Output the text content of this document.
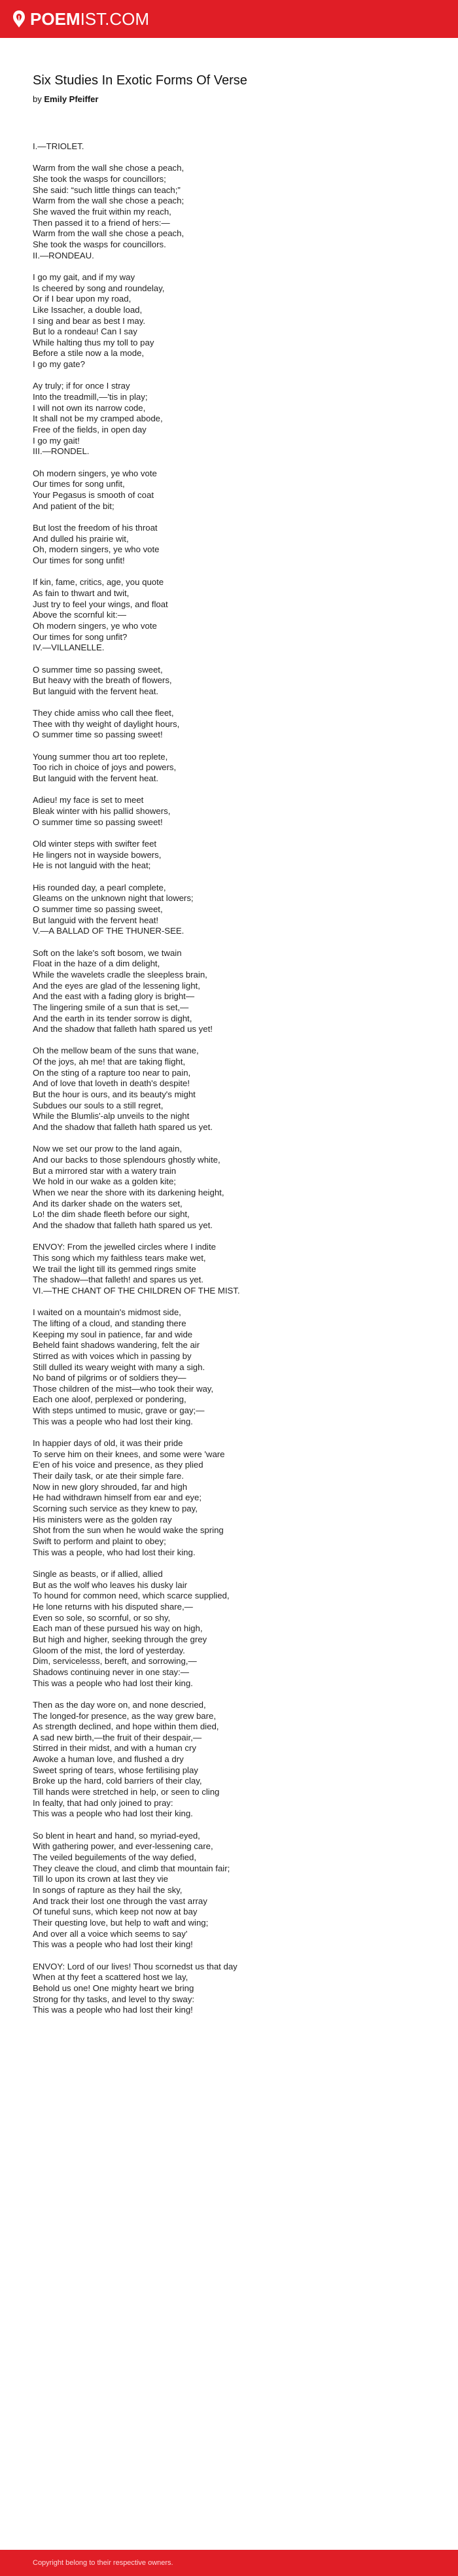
POEMIST.COM
Six Studies In Exotic Forms Of Verse
by Emily Pfeiffer
I.—TRIOLET.

Warm from the wall she chose a peach,
She took the wasps for councillors;
She said: “such little things can teach;”
Warm from the wall she chose a peach;
She waved the fruit within my reach,
Then passed it to a friend of hers:—
Warm from the wall she chose a peach,
She took the wasps for councillors.
II.—RONDEAU.

I go my gait, and if my way
Is cheered by song and roundelay,
Or if I bear upon my road,
Like Issacher, a double load,
I sing and bear as best I may.
But lo a rondeau! Can I say
While halting thus my toll to pay
Before a stile now a la mode,
I go my gate?

Ay truly; if for once I stray
Into the treadmill,—'tis in play;
I will not own its narrow code,
It shall not be my cramped abode,
Free of the fields, in open day
I go my gait!
III.—RONDEL.

Oh modern singers, ye who vote
Our times for song unfit,
Your Pegasus is smooth of coat
And patient of the bit;

But lost the freedom of his throat
And dulled his prairie wit,
Oh, modern singers, ye who vote
Our times for song unfit!

If kin, fame, critics, age, you quote
As fain to thwart and twit,
Just try to feel your wings, and float
Above the scornful kit:—
Oh modern singers, ye who vote
Our times for song unfit?
IV.—VILLANELLE.

O summer time so passing sweet,
But heavy with the breath of flowers,
But languid with the fervent heat.

They chide amiss who call thee fleet,
Thee with thy weight of daylight hours,
O summer time so passing sweet!

Young summer thou art too replete,
Too rich in choice of joys and powers,
But languid with the fervent heat.

Adieu! my face is set to meet
Bleak winter with his pallid showers,
O summer time so passing sweet!

Old winter steps with swifter feet
He lingers not in wayside bowers,
He is not languid with the heat;

His rounded day, a pearl complete,
Gleams on the unknown night that lowers;
O summer time so passing sweet,
But languid with the fervent heat!
V.—A BALLAD OF THE THUNER-SEE.

Soft on the lake's soft bosom, we twain
Float in the haze of a dim delight,
While the wavelets cradle the sleepless brain,
And the eyes are glad of the lessening light,
And the east with a fading glory is bright—
The lingering smile of a sun that is set,—
And the earth in its tender sorrow is dight,
And the shadow that falleth hath spared us yet!

Oh the mellow beam of the suns that wane,
Of the joys, ah me! that are taking flight,
On the sting of a rapture too near to pain,
And of love that loveth in death's despite!
But the hour is ours, and its beauty's might
Subdues our souls to a still regret,
While the Blumlis'-alp unveils to the night
And the shadow that falleth hath spared us yet.

Now we set our prow to the land again,
And our backs to those splendours ghostly white,
But a mirrored star with a watery train
We hold in our wake as a golden kite;
When we near the shore with its darkening height,
And its darker shade on the waters set,
Lo! the dim shade fleeth before our sight,
And the shadow that falleth hath spared us yet.

ENVOY: From the jewelled circles where I indite
This song which my faithless tears make wet,
We trail the light till its gemmed rings smite
The shadow—that falleth! and spares us yet.
VI.—THE CHANT OF THE CHILDREN OF THE MIST.

I waited on a mountain's midmost side,
The lifting of a cloud, and standing there
Keeping my soul in patience, far and wide
Beheld faint shadows wandering, felt the air
Stirred as with voices which in passing by
Still dulled its weary weight with many a sigh.
No band of pilgrims or of soldiers they—
Those children of the mist—who took their way,
Each one aloof, perplexed or pondering,
With steps untimed to music, grave or gay;—
This was a people who had lost their king.

In happier days of old, it was their pride
To serve him on their knees, and some were 'ware
E'en of his voice and presence, as they plied
Their daily task, or ate their simple fare.
Now in new glory shrouded, far and high
He had withdrawn himself from ear and eye;
Scorning such service as they knew to pay,
His ministers were as the golden ray
Shot from the sun when he would wake the spring
Swift to perform and plaint to obey;
This was a people, who had lost their king.

Single as beasts, or if allied, allied
But as the wolf who leaves his dusky lair
To hound for common need, which scarce supplied,
He lone returns with his disputed share,—
Even so sole, so scornful, or so shy,
Each man of these pursued his way on high,
But high and higher, seeking through the grey
Gloom of the mist, the lord of yesterday.
Dim, servicelesss, bereft, and sorrowing,—
Shadows continuing never in one stay:—
This was a people who had lost their king.

Then as the day wore on, and none descried,
The longed-for presence, as the way grew bare,
As strength declined, and hope within them died,
A sad new birth,—the fruit of their despair,—
Stirred in their midst, and with a human cry
Awoke a human love, and flushed a dry
Sweet spring of tears, whose fertilising play
Broke up the hard, cold barriers of their clay,
Till hands were stretched in help, or seen to cling
In fealty, that had only joined to pray:
This was a people who had lost their king.

So blent in heart and hand, so myriad-eyed,
With gathering power, and ever-lessening care,
The veiled beguilements of the way defied,
They cleave the cloud, and climb that mountain fair;
Till lo upon its crown at last they vie
In songs of rapture as they hail the sky,
And track their lost one through the vast array
Of tuneful suns, which keep not now at bay
Their questing love, but help to waft and wing;
And over all a voice which seems to say'
This was a people who had lost their king!

ENVOY: Lord of our lives! Thou scornedst us that day
When at thy feet a scattered host we lay,
Behold us one! One mighty heart we bring
Strong for thy tasks, and level to thy sway:
This was a people who had lost their king!
Copyright belong to their respective owners.
